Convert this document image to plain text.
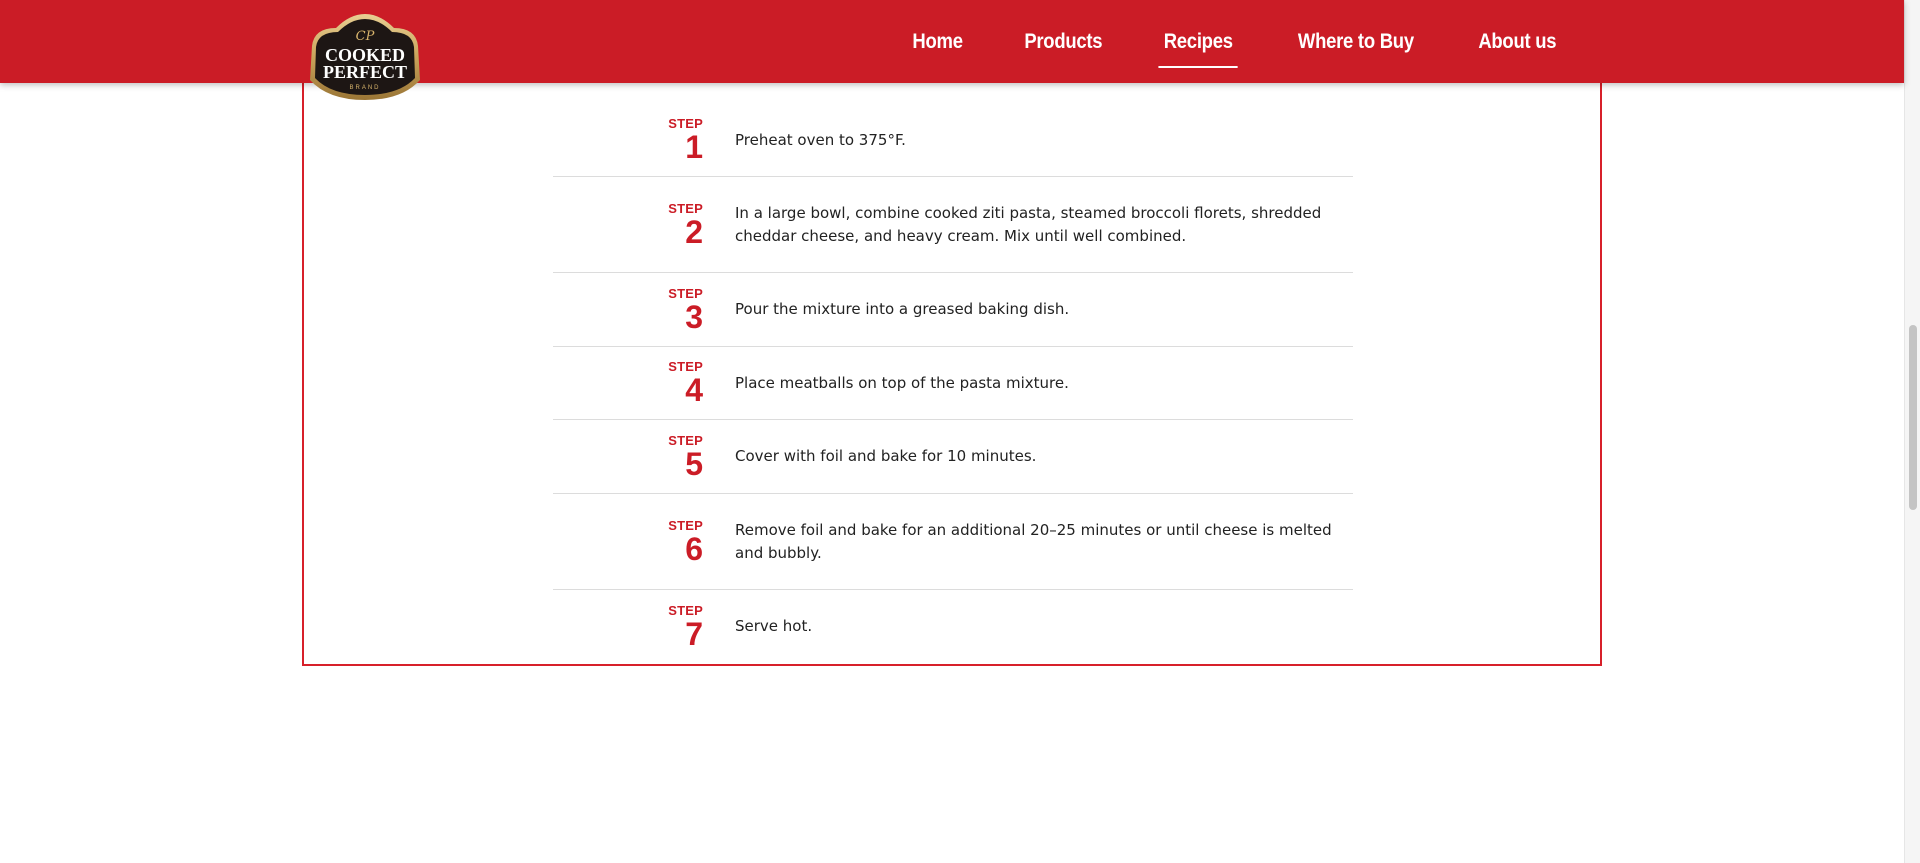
Home	Products	Recipes	Where to Buy	About us
CP
COOKED
PERFECT
BRAND
STEP
1	Preheat oven to 375°F.
STEP
2
In a large bowl, combine cooked ziti pasta, steamed broccoli florets, shredded cheddar cheese, and heavy cream. Mix until well combined.
STEP
3	Pour the mixture into a greased baking dish.
STEP
4	Place meatballs on top of the pasta mixture.
STEP
5	Cover with foil and bake for 10 minutes.
STEP
6
Remove foil and bake for an additional 20–25 minutes or until cheese is melted and bubbly.
STEP
7	Serve hot.
